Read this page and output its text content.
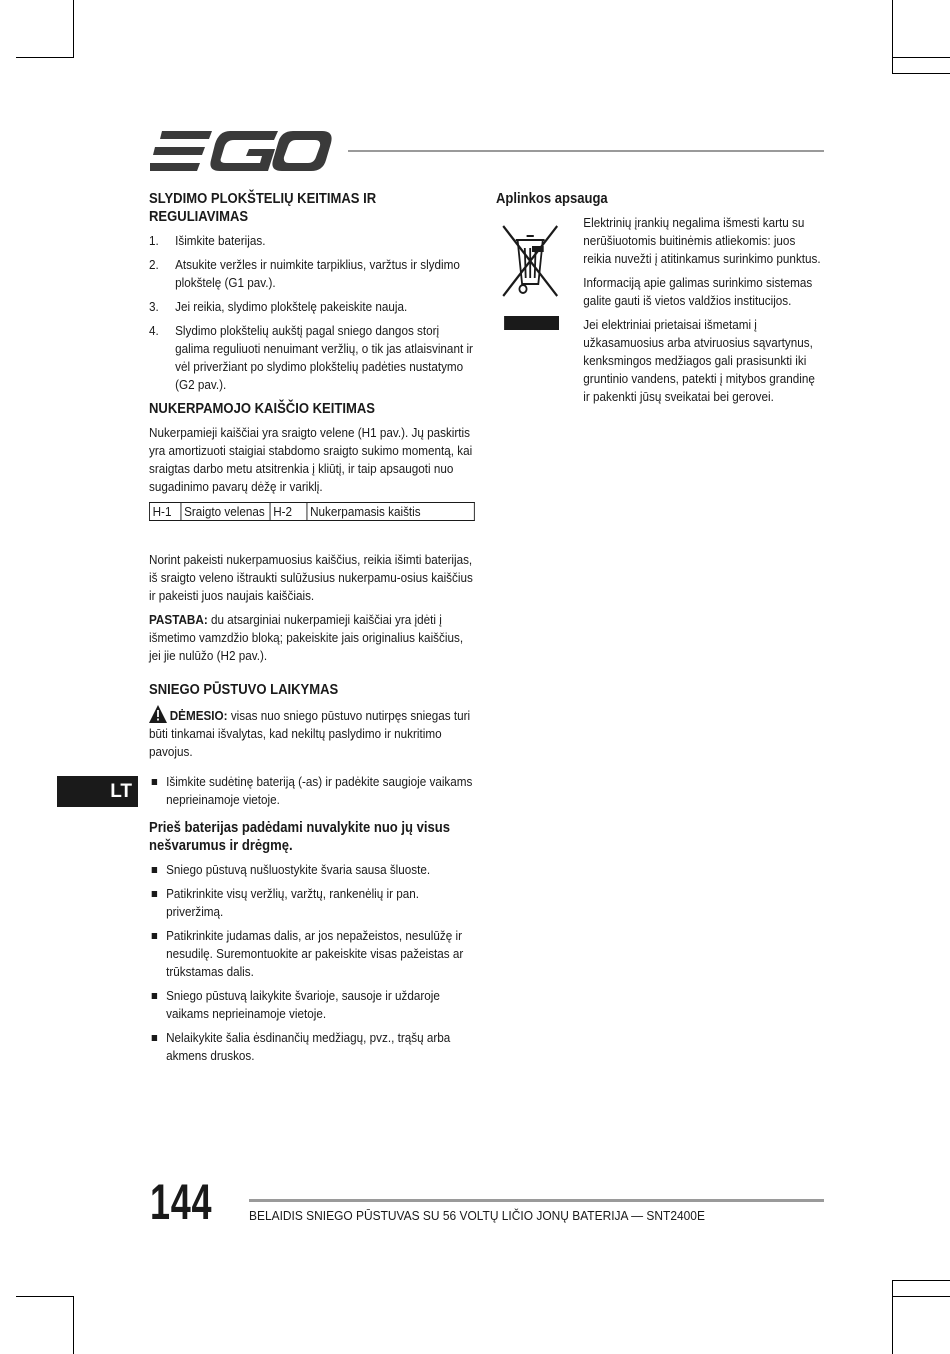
SLYDIMO PLOKŠTELIŲ KEITIMAS IR
REGULIAVIMAS
1. Išimkite baterijas.
2. Atsukite veržles ir nuimkite tarpiklius, varžtus ir slydimo plokštelę (G1 pav.).
3. Jei reikia, slydimo plokštelę pakeiskite nauja.
4. Slydimo plokštelių aukštį pagal sniego dangos storį galima reguliuoti nenuimant veržlių, o tik jas atlaisvinant ir vėl priveržiant po slydimo plokštelių padėties nustatymo (G2 pav.).
NUKERPAMOJO KAIŠČIO KEITIMAS

Nukerpamieji kaiščiai yra sraigto velene (H1 pav.). Jų paskirtis yra amortizuoti staigiai stabdomo sraigto sukimo momentą, kai sraigtas darbo metu atsitrenkia į kliūtį, ir taip apsaugoti nuo sugadinimo pavarų dėžę ir variklį.

H-1	Sraigto velenas	H-2	Nukerpamasis kaištis

Norint pakeisti nukerpamuosius kaiščius, reikia išimti baterijas, iš sraigto veleno ištraukti sulūžusius nukerpamu-osius kaiščius ir pakeisti juos naujais kaiščiais.

PASTABA: du atsarginiai nukerpamieji kaiščiai yra įdėti į išmetimo vamzdžio bloką; pakeiskite jais originalius kaiščius, jei jie nulūžo (H2 pav.).

SNIEGO PŪSTUVO LAIKYMAS

DĖMESIO: visas nuo sniego pūstuvo nutirpęs sniegas turi būti tinkamai išvalytas, kad nekiltų paslydimo ir nukritimo pavojus.

Išimkite sudėtinę bateriją (-as) ir padėkite saugioje vaikams neprieinamoje vietoje.
Prieš baterijas padėdami nuvalykite nuo jų visus nešvarumus ir drėgmę.
Sniego pūstuvą nušluostykite švaria sausa šluoste.
Patikrinkite visų veržlių, varžtų, rankenėlių ir pan. priveržimą.
Patikrinkite judamas dalis, ar jos nepažeistos, nesulūžę ir nesudilę. Suremontuokite ar pakeiskite visas pažeistas ar trūkstamas dalis.
Sniego pūstuvą laikykite švarioje, sausoje ir uždaroje vaikams neprieinamoje vietoje.
Nelaikykite šalia ėsdinančių medžiagų, pvz., trąšų arba akmens druskos.
Aplinkos apsauga

Elektrinių įrankių negalima išmesti kartu su nerūšiuotomis buitinėmis atliekomis: juos reikia nuvežti į atitinkamus surinkimo punktus.

Informaciją apie galimas surinkimo sistemas galite gauti iš vietos valdžios institucijos.

Jei elektriniai prietaisai išmetami į užkasamuosius arba atviruosius sąvartynus, kenksmingos medžiagos gali prasisunkti iki gruntinio vandens, patekti į mitybos grandinę ir pakenkti jūsų sveikatai bei gerovei.

LT
144	BELAIDIS SNIEGO PŪSTUVAS SU 56 VOLTŲ LIČIO JONŲ BATERIJA — SNT2400E
